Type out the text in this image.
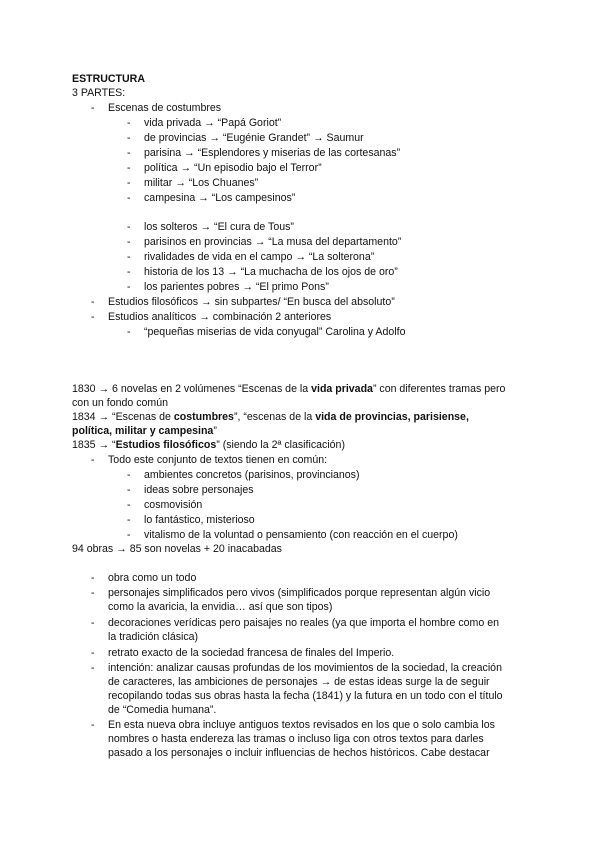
ESTRUCTURA
3 PARTES:
- Escenas de costumbres
- vida privada → “Papá Goriot”
- de provincias → “Eugénie Grandet” → Saumur
- parisina → “Esplendores y miserias de las cortesanas”
- política → “Un episodio bajo el Terror”
- militar → “Los Chuanes”
- campesina → “Los campesinos”
- los solteros → “El cura de Tous”
- parisinos en provincias → “La musa del departamento”
- rivalidades de vida en el campo → “La solterona”
- historia de los 13 → “La muchacha de los ojos de oro”
- los parientes pobres → “El primo Pons”
- Estudios filosóficos → sin subpartes/ “En busca del absoluto”
- Estudios analíticos → combinación 2 anteriores
- “pequeñas miserias de vida conyugal” Carolina y Adolfo
1830 → 6 novelas en 2 volúmenes “Escenas de la vida privada” con diferentes tramas pero
con un fondo común
1834 → “Escenas de costumbres”, “escenas de la vida de provincias, parisiense,
política, militar y campesina”
1835 → “Estudios filosóficos” (siendo la 2ª clasificación)
- Todo este conjunto de textos tienen en común:
- ambientes concretos (parisinos, provincianos)
- ideas sobre personajes
- cosmovisión
- lo fantástico, misterioso
- vitalismo de la voluntad o pensamiento (con reacción en el cuerpo)
94 obras → 85 son novelas + 20 inacabadas
- obra como un todo
- personajes simplificados pero vivos (simplificados porque representan algún vicio
como la avaricia, la envidia… así que son tipos)
- decoraciones verídicas pero paisajes no reales (ya que importa el hombre como en
la tradición clásica)
- retrato exacto de la sociedad francesa de finales del Imperio.
- intención: analizar causas profundas de los movimientos de la sociedad, la creación
de caracteres, las ambiciones de personajes → de estas ideas surge la de seguir
recopilando todas sus obras hasta la fecha (1841) y la futura en un todo con el título
de “Comedia humana”.
- En esta nueva obra incluye antiguos textos revisados en los que o solo cambia los
nombres o hasta endereza las tramas o incluso liga con otros textos para darles
pasado a los personajes o incluir influencias de hechos históricos. Cabe destacar
